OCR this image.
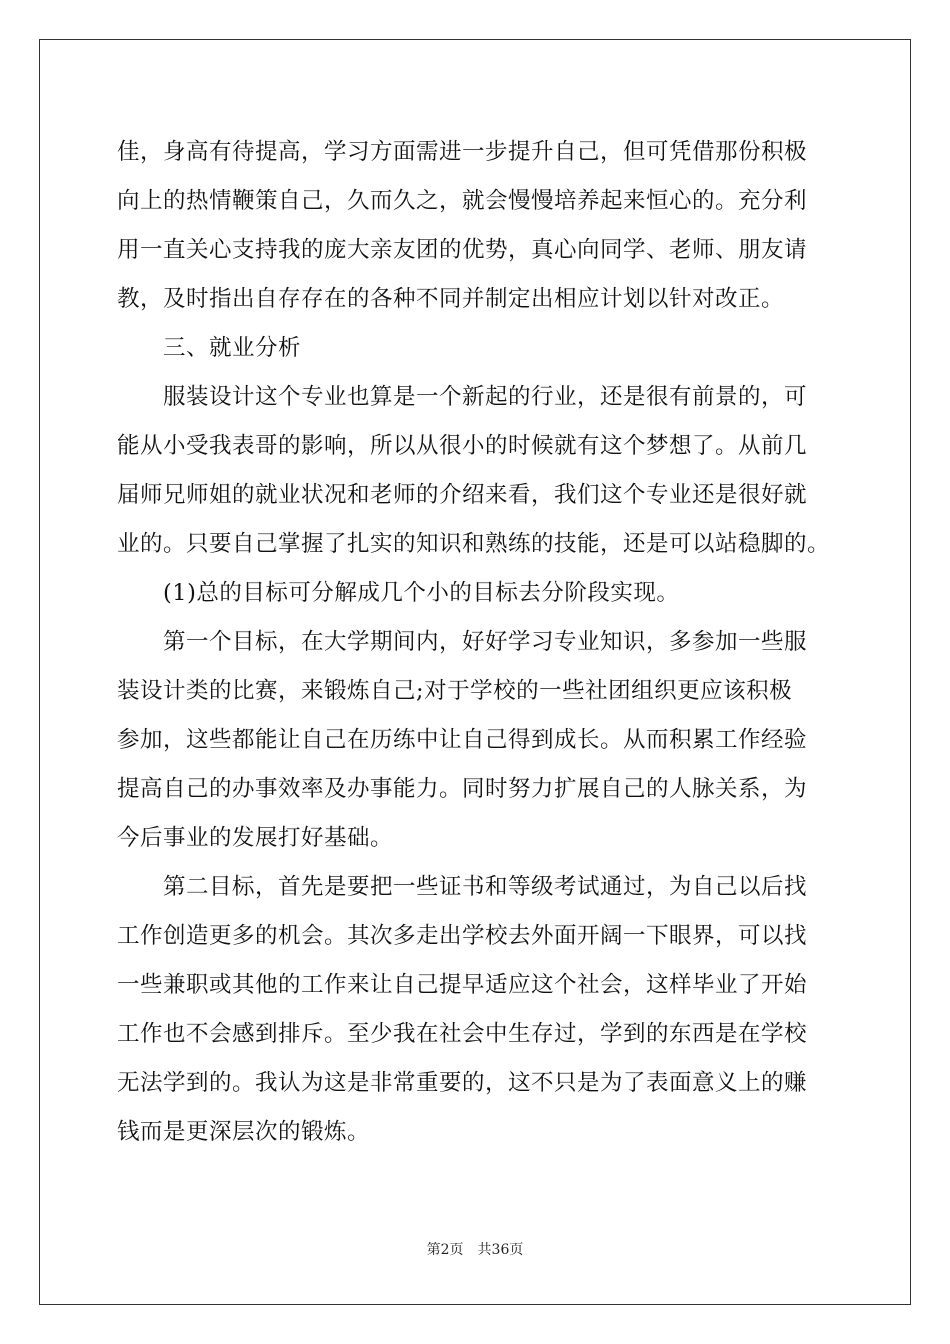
佳，身高有待提高，学习方面需进一步提升自己，但可凭借那份积极
向上的热情鞭策自己，久而久之，就会慢慢培养起来恒心的。充分利
用一直关心支持我的庞大亲友团的优势，真心向同学、老师、朋友请
教，及时指出自存存在的各种不同并制定出相应计划以针对改正。
三、就业分析
服装设计这个专业也算是一个新起的行业，还是很有前景的，可
能从小受我表哥的影响，所以从很小的时候就有这个梦想了。从前几
届师兄师姐的就业状况和老师的介绍来看，我们这个专业还是很好就
业的。只要自己掌握了扎实的知识和熟练的技能，还是可以站稳脚的。
(1)总的目标可分解成几个小的目标去分阶段实现。
第一个目标，在大学期间内，好好学习专业知识，多参加一些服
装设计类的比赛，来锻炼自己;对于学校的一些社团组织更应该积极
参加，这些都能让自己在历练中让自己得到成长。从而积累工作经验
提高自己的办事效率及办事能力。同时努力扩展自己的人脉关系，为
今后事业的发展打好基础。
第二目标，首先是要把一些证书和等级考试通过，为自己以后找
工作创造更多的机会。其次多走出学校去外面开阔一下眼界，可以找
一些兼职或其他的工作来让自己提早适应这个社会，这样毕业了开始
工作也不会感到排斥。至少我在社会中生存过，学到的东西是在学校
无法学到的。我认为这是非常重要的，这不只是为了表面意义上的赚
钱而是更深层次的锻炼。
第2页　共36页
